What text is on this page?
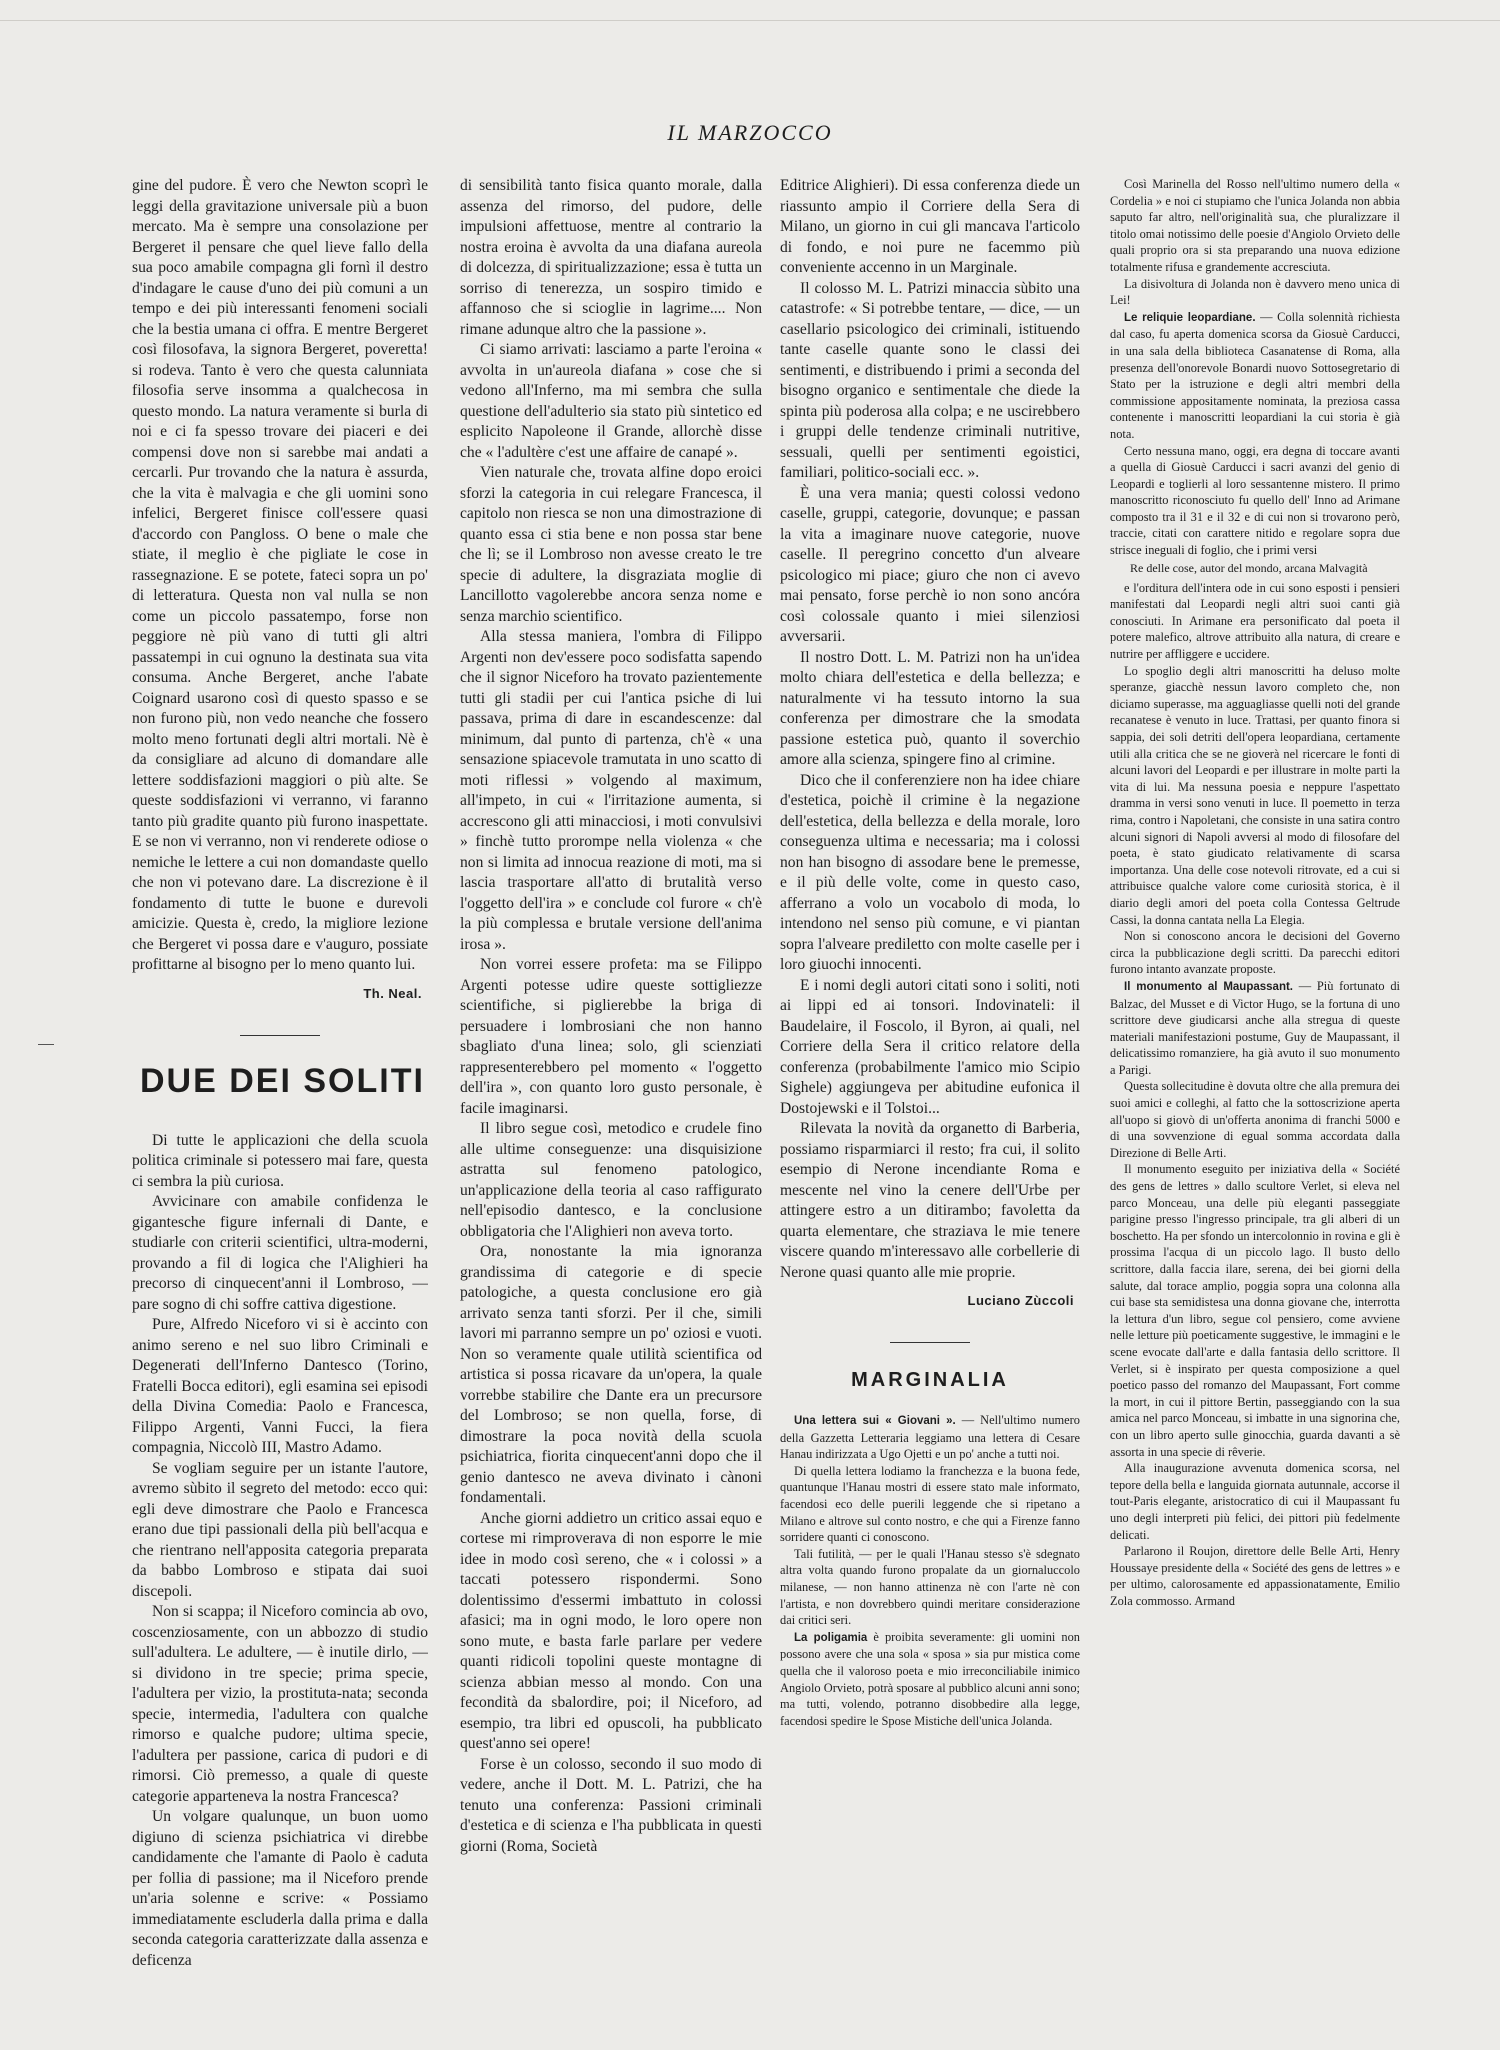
IL MARZOCCO

gine del pudore. È vero che Newton scoprì le leggi della gravitazione universale più a buon mercato. Ma è sempre una consolazione per Bergeret il pensare che quel lieve fallo della sua poco amabile compagna gli fornì il destro d'indagare le cause d'uno dei più comuni a un tempo e dei più interessanti fenomeni sociali che la bestia umana ci offra. E mentre Bergeret così filosofava, la signora Bergeret, poveretta! si rodeva. Tanto è vero che questa calunniata filosofia serve insomma a qualchecosa in questo mondo. La natura veramente si burla di noi e ci fa spesso trovare dei piaceri e dei compensi dove non si sarebbe mai andati a cercarli. Pur trovando che la natura è assurda, che la vita è malvagia e che gli uomini sono infelici, Bergeret finisce coll'essere quasi d'accordo con Pangloss. O bene o male che stiate, il meglio è che pigliate le cose in rassegnazione. E se potete, fateci sopra un po' di letteratura. Questa non val nulla se non come un piccolo passatempo, forse non peggiore nè più vano di tutti gli altri passatempi in cui ognuno la destinata sua vita consuma. Anche Bergeret, anche l'abate Coignard usarono così di questo spasso e se non furono più, non vedo neanche che fossero molto meno fortunati degli altri mortali. Nè è da consigliare ad alcuno di domandare alle lettere soddisfazioni maggiori o più alte. Se queste soddisfazioni vi verranno, vi faranno tanto più gradite quanto più furono inaspettate. E se non vi verranno, non vi renderete odiose o nemiche le lettere a cui non domandaste quello che non vi potevano dare. La discrezione è il fondamento di tutte le buone e durevoli amicizie. Questa è, credo, la migliore lezione che Bergeret vi possa dare e v'auguro, possiate profittarne al bisogno per lo meno quanto lui.

Th. Neal.
DUE DEI SOLITI

Di tutte le applicazioni che della scuola politica criminale si potessero mai fare, questa ci sembra la più curiosa.

Avvicinare con amabile confidenza le gigantesche figure infernali di Dante, e studiarle con criterii scientifici, ultra-moderni, provando a fil di logica che l'Alighieri ha precorso di cinquecent'anni il Lombroso, — pare sogno di chi soffre cattiva digestione.

Pure, Alfredo Niceforo vi si è accinto con animo sereno e nel suo libro Criminali e Degenerati dell'Inferno Dantesco (Torino, Fratelli Bocca editori), egli esamina sei episodi della Divina Comedia: Paolo e Francesca, Filippo Argenti, Vanni Fucci, la fiera compagnia, Niccolò III, Mastro Adamo.

Se vogliam seguire per un istante l'autore, avremo sùbito il segreto del metodo: ecco qui: egli deve dimostrare che Paolo e Francesca erano due tipi passionali della più bell'acqua e che rientrano nell'apposita categoria preparata da babbo Lombroso e stipata dai suoi discepoli.

Non si scappa; il Niceforo comincia ab ovo, coscenziosamente, con un abbozzo di studio sull'adultera. Le adultere, — è inutile dirlo, — si dividono in tre specie; prima specie, l'adultera per vizio, la prostituta-nata; seconda specie, intermedia, l'adultera con qualche rimorso e qualche pudore; ultima specie, l'adultera per passione, carica di pudori e di rimorsi. Ciò premesso, a quale di queste categorie apparteneva la nostra Francesca?

Un volgare qualunque, un buon uomo digiuno di scienza psichiatrica vi direbbe candidamente che l'amante di Paolo è caduta per follia di passione; ma il Niceforo prende un'aria solenne e scrive: « Possiamo immediatamente escluderla dalla prima e dalla seconda categoria caratterizzate dalla assenza e deficenza

di sensibilità tanto fisica quanto morale, dalla assenza del rimorso, del pudore, delle impulsioni affettuose, mentre al contrario la nostra eroina è avvolta da una diafana aureola di dolcezza, di spiritualizzazione; essa è tutta un sorriso di tenerezza, un sospiro timido e affannoso che si scioglie in lagrime.... Non rimane adunque altro che la passione ».

Ci siamo arrivati: lasciamo a parte l'eroina « avvolta in un'aureola diafana » cose che si vedono all'Inferno, ma mi sembra che sulla questione dell'adulterio sia stato più sintetico ed esplicito Napoleone il Grande, allorchè disse che « l'adultère c'est une affaire de canapé ».

Vien naturale che, trovata alfine dopo eroici sforzi la categoria in cui relegare Francesca, il capitolo non riesca se non una dimostrazione di quanto essa ci stia bene e non possa star bene che lì; se il Lombroso non avesse creato le tre specie di adultere, la disgraziata moglie di Lancillotto vagolerebbe ancora senza nome e senza marchio scientifico.

Alla stessa maniera, l'ombra di Filippo Argenti non dev'essere poco sodisfatta sapendo che il signor Niceforo ha trovato pazientemente tutti gli stadii per cui l'antica psiche di lui passava, prima di dare in escandescenze: dal minimum, dal punto di partenza, ch'è « una sensazione spiacevole tramutata in uno scatto di moti riflessi » volgendo al maximum, all'impeto, in cui « l'irritazione aumenta, si accrescono gli atti minacciosi, i moti convulsivi » finchè tutto prorompe nella violenza « che non si limita ad innocua reazione di moti, ma si lascia trasportare all'atto di brutalità verso l'oggetto dell'ira » e conclude col furore « ch'è la più complessa e brutale versione dell'anima irosa ».

Non vorrei essere profeta: ma se Filippo Argenti potesse udire queste sottigliezze scientifiche, si piglierebbe la briga di persuadere i lombrosiani che non hanno sbagliato d'una linea; solo, gli scienziati rappresenterebbero pel momento « l'oggetto dell'ira », con quanto loro gusto personale, è facile imaginarsi.

Il libro segue così, metodico e crudele fino alle ultime conseguenze: una disquisizione astratta sul fenomeno patologico, un'applicazione della teoria al caso raffigurato nell'episodio dantesco, e la conclusione obbligatoria che l'Alighieri non aveva torto.

Ora, nonostante la mia ignoranza grandissima di categorie e di specie patologiche, a questa conclusione ero già arrivato senza tanti sforzi. Per il che, simili lavori mi parranno sempre un po' oziosi e vuoti. Non so veramente quale utilità scientifica od artistica si possa ricavare da un'opera, la quale vorrebbe stabilire che Dante era un precursore del Lombroso; se non quella, forse, di dimostrare la poca novità della scuola psichiatrica, fiorita cinquecent'anni dopo che il genio dantesco ne aveva divinato i cànoni fondamentali.

Anche giorni addietro un critico assai equo e cortese mi rimproverava di non esporre le mie idee in modo così sereno, che « i colossi » a taccati potessero rispondermi. Sono dolentissimo d'essermi imbattuto in colossi afasici; ma in ogni modo, le loro opere non sono mute, e basta farle parlare per vedere quanti ridicoli topolini queste montagne di scienza abbian messo al mondo. Con una fecondità da sbalordire, poi; il Niceforo, ad esempio, tra libri ed opuscoli, ha pubblicato quest'anno sei opere!

Forse è un colosso, secondo il suo modo di vedere, anche il Dott. M. L. Patrizi, che ha tenuto una conferenza: Passioni criminali d'estetica e di scienza e l'ha pubblicata in questi giorni (Roma, Società

Editrice Alighieri). Di essa conferenza diede un riassunto ampio il Corriere della Sera di Milano, un giorno in cui gli mancava l'articolo di fondo, e noi pure ne facemmo più conveniente accenno in un Marginale.

Il colosso M. L. Patrizi minaccia sùbito una catastrofe: « Si potrebbe tentare, — dice, — un casellario psicologico dei criminali, istituendo tante caselle quante sono le classi dei sentimenti, e distribuendo i primi a seconda del bisogno organico e sentimentale che diede la spinta più poderosa alla colpa; e ne uscirebbero i gruppi delle tendenze criminali nutritive, sessuali, quelli per sentimenti egoistici, familiari, politico-sociali ecc. ».

È una vera mania; questi colossi vedono caselle, gruppi, categorie, dovunque; e passan la vita a imaginare nuove categorie, nuove caselle. Il peregrino concetto d'un alveare psicologico mi piace; giuro che non ci avevo mai pensato, forse perchè io non sono ancóra così colossale quanto i miei silenziosi avversarii.

Il nostro Dott. L. M. Patrizi non ha un'idea molto chiara dell'estetica e della bellezza; e naturalmente vi ha tessuto intorno la sua conferenza per dimostrare che la smodata passione estetica può, quanto il soverchio amore alla scienza, spingere fino al crimine.

Dico che il conferenziere non ha idee chiare d'estetica, poichè il crimine è la negazione dell'estetica, della bellezza e della morale, loro conseguenza ultima e necessaria; ma i colossi non han bisogno di assodare bene le premesse, e il più delle volte, come in questo caso, afferrano a volo un vocabolo di moda, lo intendono nel senso più comune, e vi piantan sopra l'alveare prediletto con molte caselle per i loro giuochi innocenti.

E i nomi degli autori citati sono i soliti, noti ai lippi ed ai tonsori. Indovinateli: il Baudelaire, il Foscolo, il Byron, ai quali, nel Corriere della Sera il critico relatore della conferenza (probabilmente l'amico mio Scipio Sighele) aggiungeva per abitudine eufonica il Dostojewski e il Tolstoi...

Rilevata la novità da organetto di Barberia, possiamo risparmiarci il resto; fra cui, il solito esempio di Nerone incendiante Roma e mescente nel vino la cenere dell'Urbe per attingere estro a un ditirambo; favoletta da quarta elementare, che straziava le mie tenere viscere quando m'interessavo alle corbellerie di Nerone quasi quanto alle mie proprie.

Luciano Zùccoli
MARGINALIA

Una lettera sui « Giovani ». — Nell'ultimo numero della Gazzetta Letteraria leggiamo una lettera di Cesare Hanau indirizzata a Ugo Ojetti e un po' anche a tutti noi.

Di quella lettera lodiamo la franchezza e la buona fede, quantunque l'Hanau mostri di essere stato male informato, facendosi eco delle puerili leggende che si ripetano a Milano e altrove sul conto nostro, e che qui a Firenze fanno sorridere quanti ci conoscono.

Tali futilità, — per le quali l'Hanau stesso s'è sdegnato altra volta quando furono propalate da un giornaluccolo milanese, — non hanno attinenza nè con l'arte nè con l'artista, e non dovrebbero quindi meritare considerazione dai critici seri.

La poligamia è proibita severamente: gli uomini non possono avere che una sola « sposa » sia pur mistica come quella che il valoroso poeta e mio irreconciliabile inimico Angiolo Orvieto, potrà sposare al pubblico alcuni anni sono; ma tutti, volendo, potranno disobbedire alla legge, facendosi spedire le Spose Mistiche dell'unica Jolanda.

Così Marinella del Rosso nell'ultimo numero della « Cordelia » e noi ci stupiamo che l'unica Jolanda non abbia saputo far altro, nell'originalità sua, che pluralizzare il titolo omai notissimo delle poesie d'Angiolo Orvieto delle quali proprio ora si sta preparando una nuova edizione totalmente rifusa e grandemente accresciuta.

La disivoltura di Jolanda non è davvero meno unica di Lei!

Le reliquie leopardiane. — Colla solennità richiesta dal caso, fu aperta domenica scorsa da Giosuè Carducci, in una sala della biblioteca Casanatense di Roma, alla presenza dell'onorevole Bonardi nuovo Sottosegretario di Stato per la istruzione e degli altri membri della commissione appositamente nominata, la preziosa cassa contenente i manoscritti leopardiani la cui storia è già nota.

Certo nessuna mano, oggi, era degna di toccare avanti a quella di Giosuè Carducci i sacri avanzi del genio di Leopardi e toglierli al loro sessantenne mistero. Il primo manoscritto riconosciuto fu quello dell' Inno ad Arimane composto tra il 31 e il 32 e di cui non si trovarono però, traccie, citati con carattere nitido e regolare sopra due strisce ineguali di foglio, che i primi versi

Re delle cose, autor del mondo, arcana Malvagità

e l'orditura dell'intera ode in cui sono esposti i pensieri manifestati dal Leopardi negli altri suoi canti già conosciuti. In Arimane era personificato dal poeta il potere malefico, altrove attribuito alla natura, di creare e nutrire per affliggere e uccidere.

Lo spoglio degli altri manoscritti ha deluso molte speranze, giacchè nessun lavoro completo che, non diciamo superasse, ma agguagliasse quelli noti del grande recanatese è venuto in luce. Trattasi, per quanto finora si sappia, dei soli detriti dell'opera leopardiana, certamente utili alla critica che se ne gioverà nel ricercare le fonti di alcuni lavori del Leopardi e per illustrare in molte parti la vita di lui. Ma nessuna poesia e neppure l'aspettato dramma in versi sono venuti in luce. Il poemetto in terza rima, contro i Napoletani, che consiste in una satira contro alcuni signori di Napoli avversi al modo di filosofare del poeta, è stato giudicato relativamente di scarsa importanza. Una delle cose notevoli ritrovate, ed a cui si attribuisce qualche valore come curiosità storica, è il diario degli amori del poeta colla Contessa Geltrude Cassi, la donna cantata nella La Elegia.

Non si conoscono ancora le decisioni del Governo circa la pubblicazione degli scritti. Da parecchi editori furono intanto avanzate proposte.

Il monumento al Maupassant. — Più fortunato di Balzac, del Musset e di Victor Hugo, se la fortuna di uno scrittore deve giudicarsi anche alla stregua di queste materiali manifestazioni postume, Guy de Maupassant, il delicatissimo romanziere, ha già avuto il suo monumento a Parigi.

Questa sollecitudine è dovuta oltre che alla premura dei suoi amici e colleghi, al fatto che la sottoscrizione aperta all'uopo si giovò di un'offerta anonima di franchi 5000 e di una sovvenzione di egual somma accordata dalla Direzione di Belle Arti.

Il monumento eseguito per iniziativa della « Société des gens de lettres » dallo scultore Verlet, si eleva nel parco Monceau, una delle più eleganti passeggiate parigine presso l'ingresso principale, tra gli alberi di un boschetto. Ha per sfondo un intercolonnio in rovina e gli è prossima l'acqua di un piccolo lago. Il busto dello scrittore, dalla faccia ilare, serena, dei bei giorni della salute, dal torace amplio, poggia sopra una colonna alla cui base sta semidistesa una donna giovane che, interrotta la lettura d'un libro, segue col pensiero, come avviene nelle letture più poeticamente suggestive, le immagini e le scene evocate dall'arte e dalla fantasia dello scrittore. Il Verlet, si è inspirato per questa composizione a quel poetico passo del romanzo del Maupassant, Fort comme la mort, in cui il pittore Bertin, passeggiando con la sua amica nel parco Monceau, si imbatte in una signorina che, con un libro aperto sulle ginocchia, guarda davanti a sè assorta in una specie di rêverie.

Alla inaugurazione avvenuta domenica scorsa, nel tepore della bella e languida giornata autunnale, accorse il tout-Paris elegante, aristocratico di cui il Maupassant fu uno degli interpreti più felici, dei pittori più fedelmente delicati.

Parlarono il Roujon, direttore delle Belle Arti, Henry Houssaye presidente della « Société des gens de lettres » e per ultimo, calorosamente ed appassionatamente, Emilio Zola commosso. Armand
